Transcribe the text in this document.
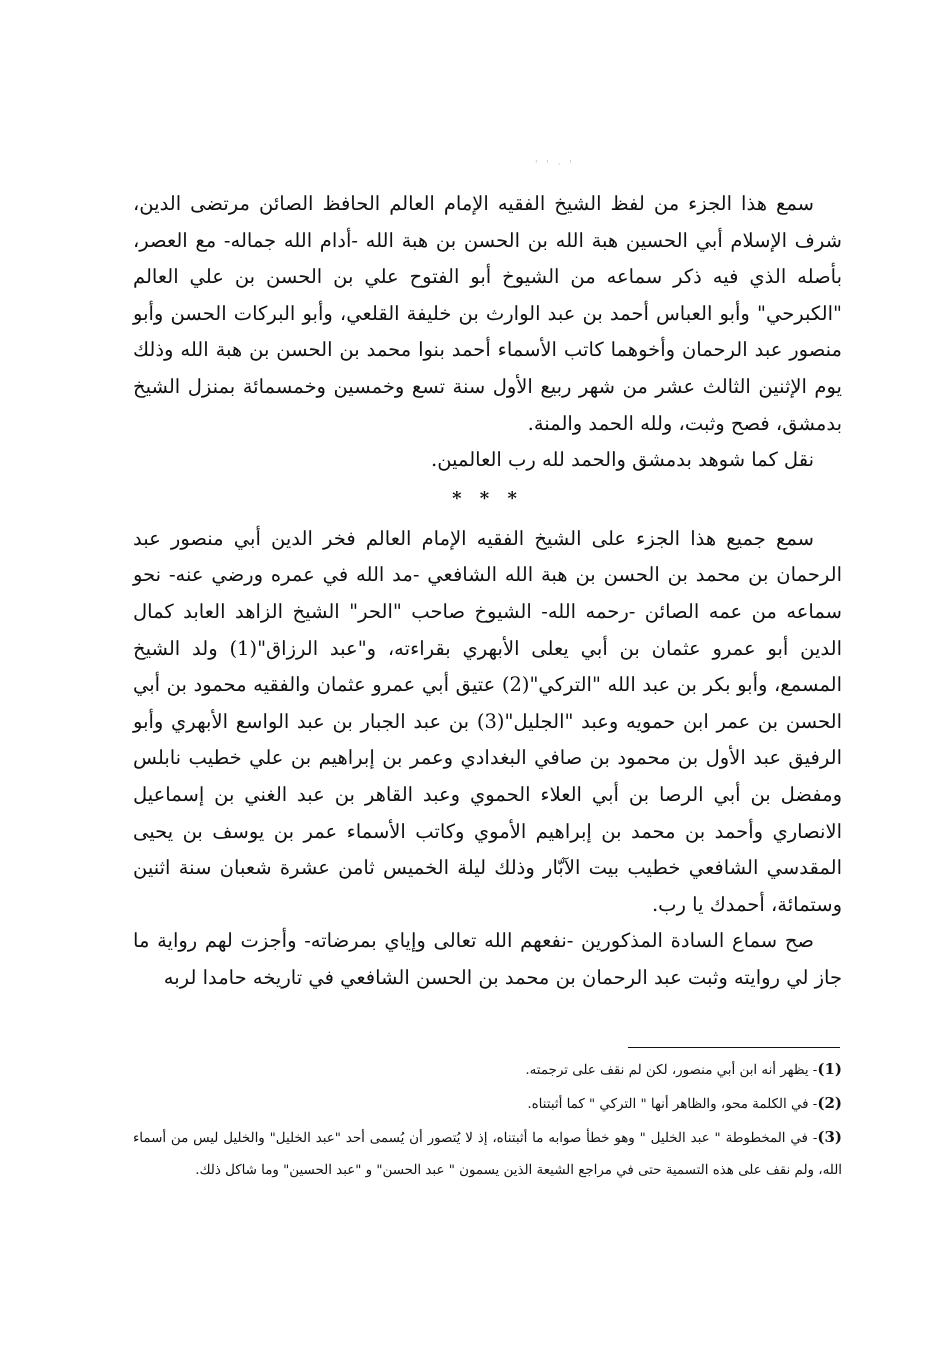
' ' · '

سمع هذا الجزء من لفظ الشيخ الفقيه الإمام العالم الحافظ الصائن مرتضى الدين، شرف الإسلام أبي الحسين هبة الله بن الحسن بن هبة الله -أدام الله جماله- مع العصر، بأصله الذي فيه ذكر سماعه من الشيوخ أبو الفتوح علي بن الحسن بن علي العالم "الكبرحي" وأبو العباس أحمد بن عبد الوارث بن خليفة القلعي، وأبو البركات الحسن وأبو منصور عبد الرحمان وأخوهما كاتب الأسماء أحمد بنوا محمد بن الحسن بن هبة الله وذلك يوم الإثنين الثالث عشر من شهر ربيع الأول سنة تسع وخمسين وخمسمائة بمنزل الشيخ بدمشق، فصح وثبت، ولله الحمد والمنة.

نقل كما شوهد بدمشق والحمد لله رب العالمين.

* * *

سمع جميع هذا الجزء على الشيخ الفقيه الإمام العالم فخر الدين أبي منصور عبد الرحمان بن محمد بن الحسن بن هبة الله الشافعي -مد الله في عمره ورضي عنه- نحو سماعه من عمه الصائن -رحمه الله- الشيوخ صاحب "الحر" الشيخ الزاهد العابد كمال الدين أبو عمرو عثمان بن أبي يعلى الأبهري بقراءته، و"عبد الرزاق"(1) ولد الشيخ المسمع، وأبو بكر بن عبد الله "التركي"(2) عتيق أبي عمرو عثمان والفقيه محمود بن أبي الحسن بن عمر ابن حمويه وعبد "الجليل"(3) بن عبد الجبار بن عبد الواسع الأبهري وأبو الرفيق عبد الأول بن محمود بن صافي البغدادي وعمر بن إبراهيم بن علي خطيب نابلس ومفضل بن أبي الرصا بن أبي العلاء الحموي وعبد القاهر بن عبد الغني بن إسماعيل الانصاري وأحمد بن محمد بن إبراهيم الأموي وكاتب الأسماء عمر بن يوسف بن يحيى المقدسي الشافعي خطيب بيت الآبّار وذلك ليلة الخميس ثامن عشرة شعبان سنة اثنين وستمائة، أحمدك يا رب.

صح سماع السادة المذكورين -نفعهم الله تعالى وإياي بمرضاته- وأجزت لهم رواية ما جاز لي روايته وثبت عبد الرحمان بن محمد بن الحسن الشافعي في تاريخه حامدا لربه

(1)- يظهر أنه ابن أبي منصور، لكن لم نقف على ترجمته.

(2)- في الكلمة محو، والظاهر أنها " التركي " كما أثبتناه.

(3)- في المخطوطة " عبد الخليل " وهو خطأ صوابه ما أثبتناه، إذ لا يُتصور أن يُسمى أحد "عبد الخليل" والخليل ليس من أسماء الله، ولم نقف على هذه التسمية حتى في مراجع الشيعة الذين يسمون " عبد الحسن" و "عبد الحسين" وما شاكل ذلك.
